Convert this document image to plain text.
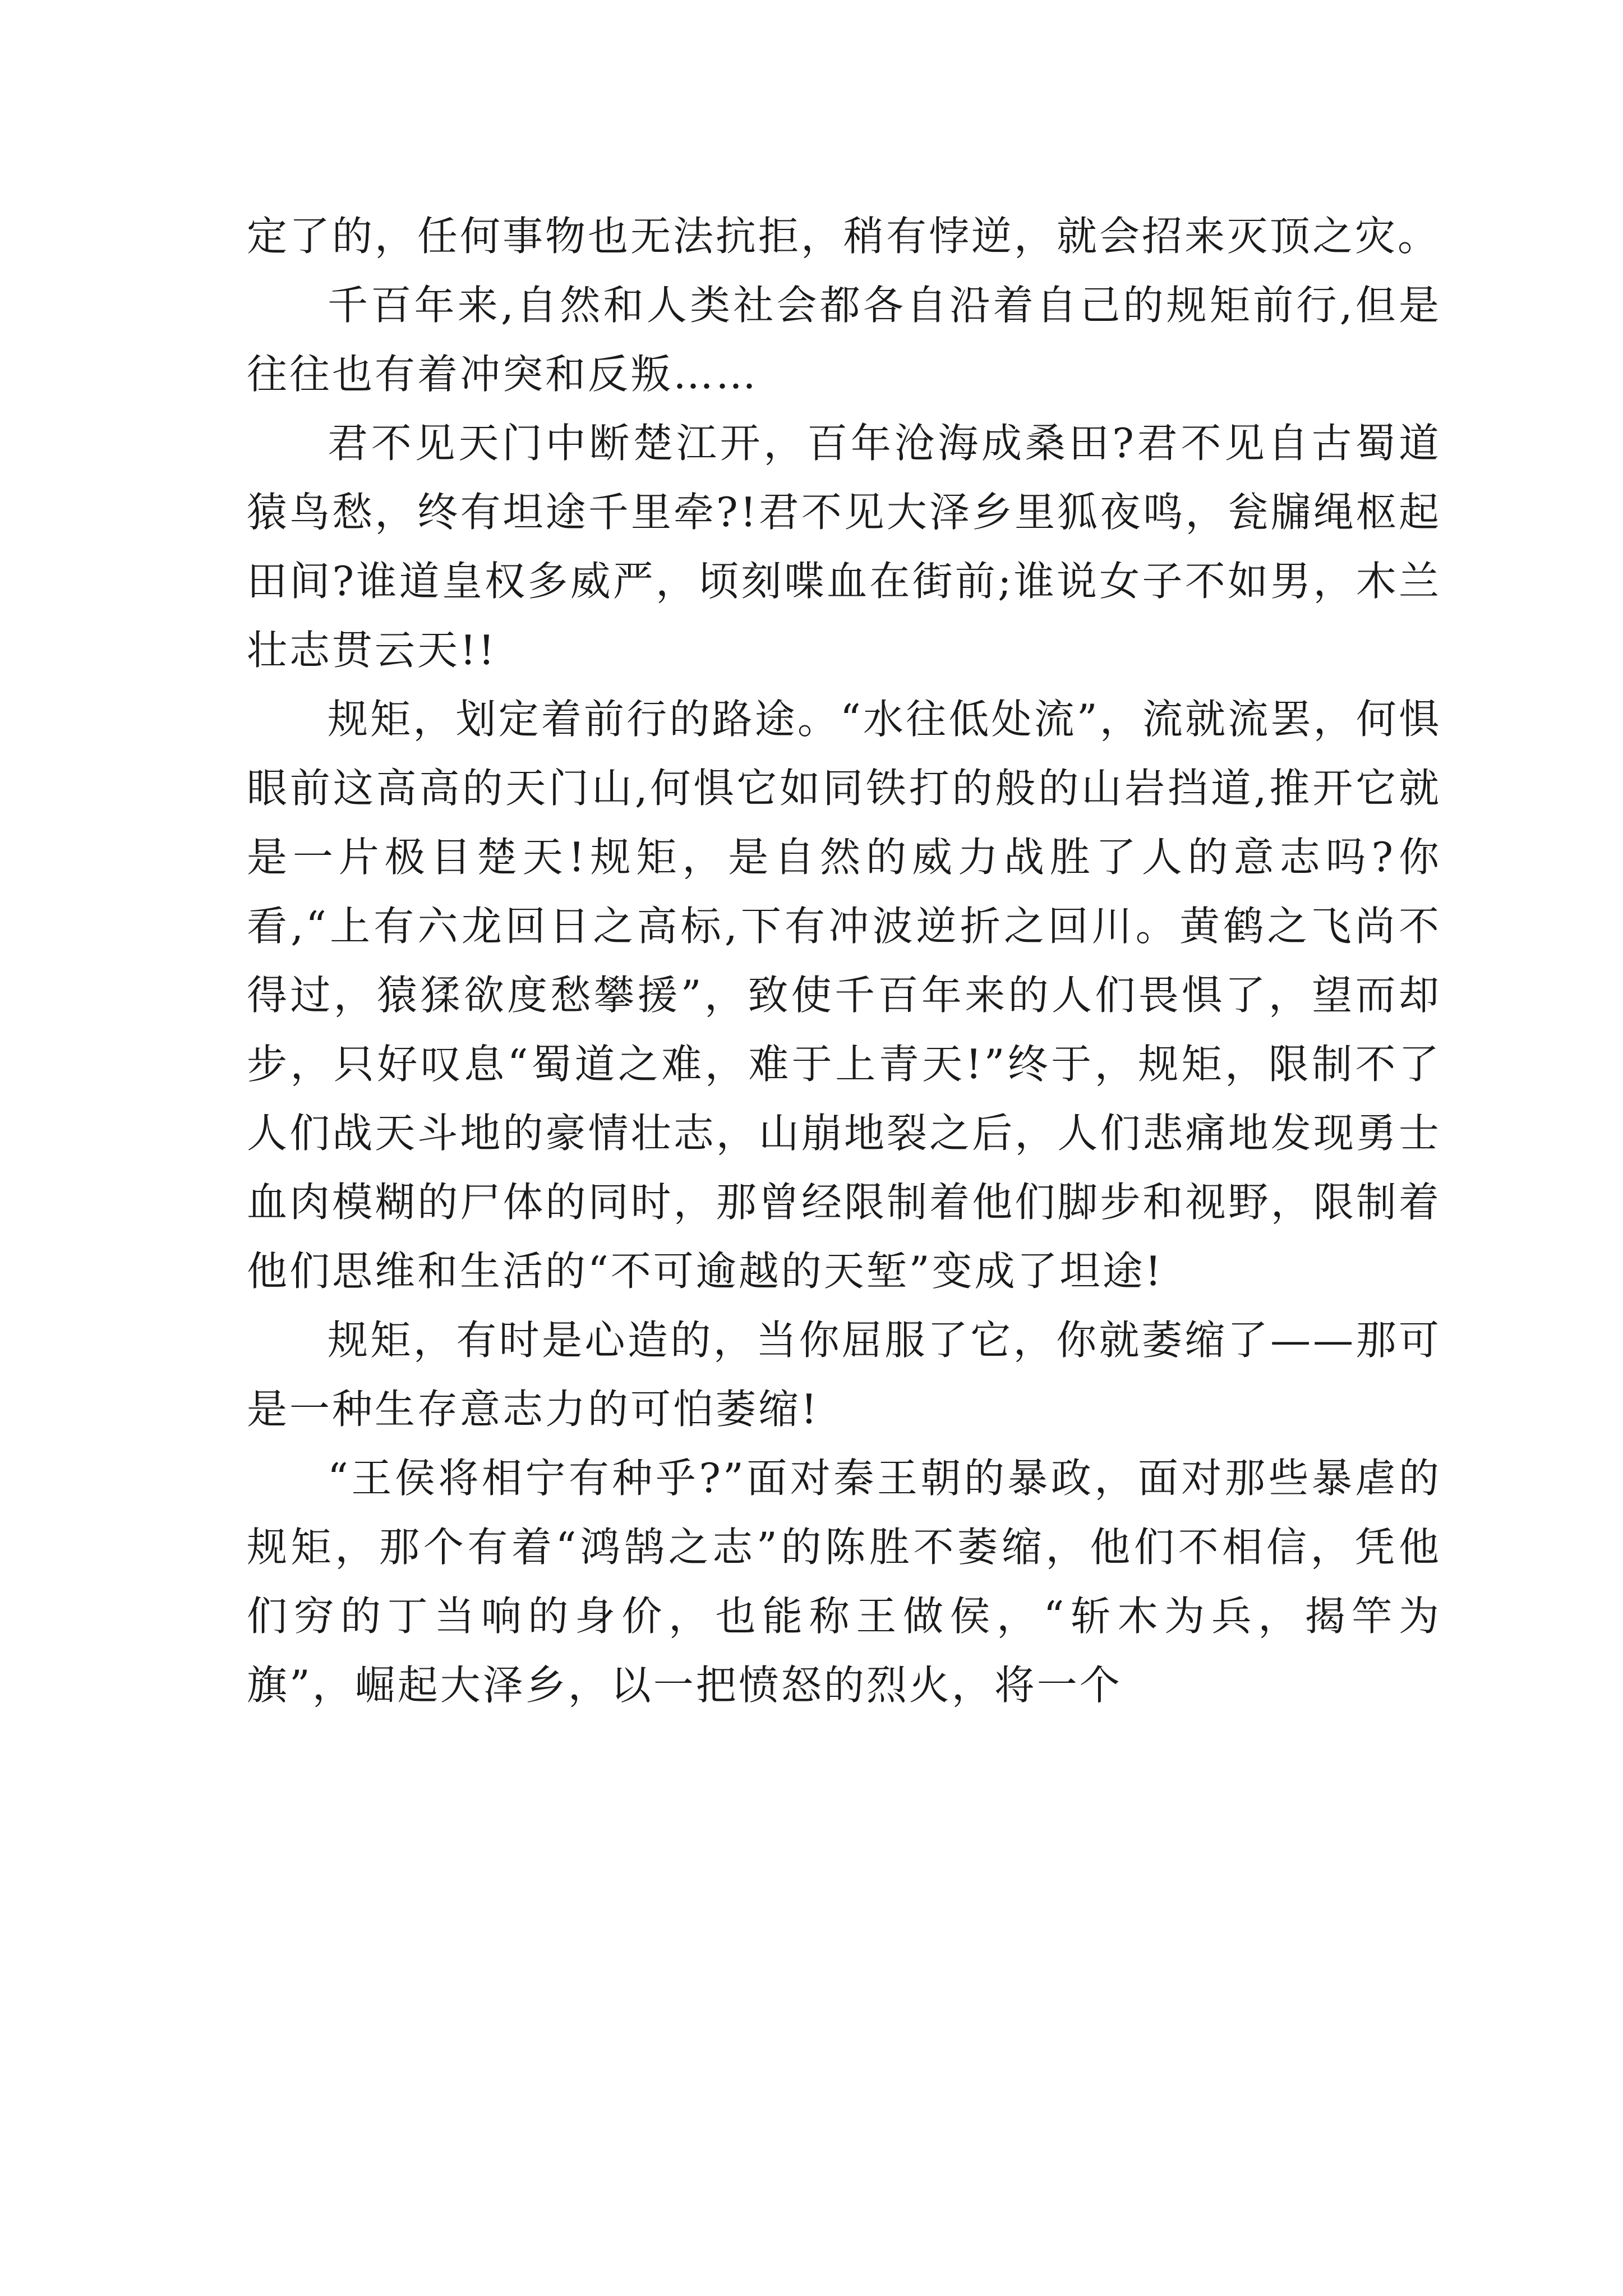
定了的，任何事物也无法抗拒，稍有悖逆，就会招来灭顶之灾。

千百年来,自然和人类社会都各自沿着自己的规矩前行,但是往往也有着冲突和反叛……

君不见天门中断楚江开，百年沧海成桑田?君不见自古蜀道猿鸟愁，终有坦途千里牵?!君不见大泽乡里狐夜鸣，瓮牖绳枢起田间?谁道皇权多威严，顷刻喋血在街前;谁说女子不如男，木兰壮志贯云天!!

规矩，划定着前行的路途。“水往低处流”，流就流罢，何惧眼前这高高的天门山,何惧它如同铁打的般的山岩挡道,推开它就是一片极目楚天!规矩，是自然的威力战胜了人的意志吗?你看,“上有六龙回日之高标,下有冲波逆折之回川。黄鹤之飞尚不得过，猿猱欲度愁攀援”，致使千百年来的人们畏惧了，望而却步，只好叹息“蜀道之难，难于上青天!”终于，规矩，限制不了人们战天斗地的豪情壮志，山崩地裂之后，人们悲痛地发现勇士血肉模糊的尸体的同时，那曾经限制着他们脚步和视野，限制着他们思维和生活的“不可逾越的天堑”变成了坦途!

规矩，有时是心造的，当你屈服了它，你就萎缩了——那可是一种生存意志力的可怕萎缩!

“王侯将相宁有种乎?”面对秦王朝的暴政，面对那些暴虐的规矩，那个有着“鸿鹄之志”的陈胜不萎缩，他们不相信，凭他们穷的丁当响的身价，也能称王做侯，“斩木为兵，揭竿为旗”，崛起大泽乡，以一把愤怒的烈火，将一个
